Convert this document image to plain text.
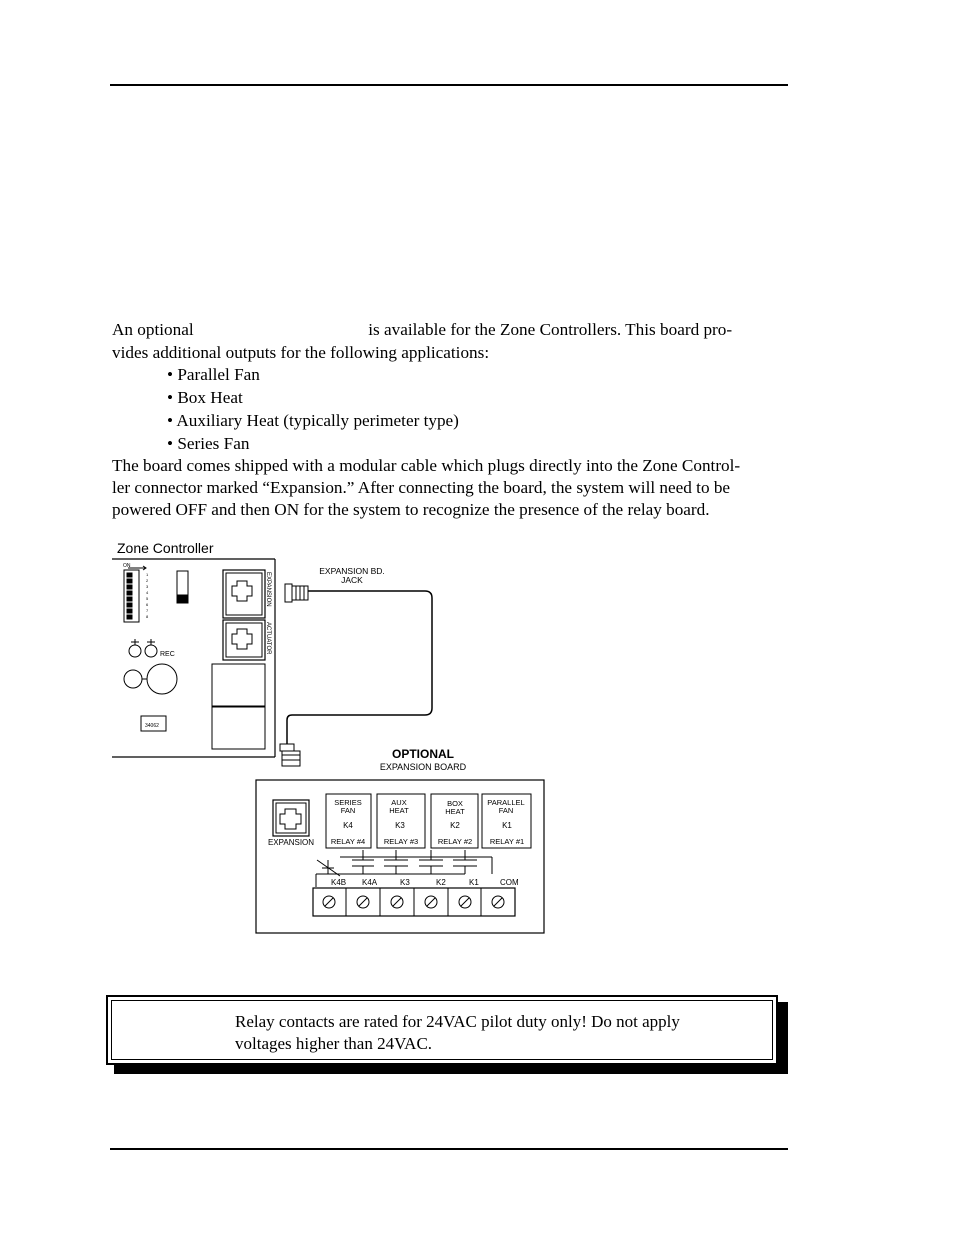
An optional	is available for the Zone Controllers. This board pro-

vides additional outputs for the following applications:

• Parallel Fan
• Box Heat
• Auxiliary Heat (typically perimeter type)
• Series Fan

The board comes shipped with a modular cable which plugs directly into the Zone Control-

ler connector marked “Expansion.” After connecting the board, the system will need to be

powered OFF and then ON for the system to recognize the presence of the relay board.

Zone Controller
ON
1
2
3
4
5
6
7
8
EXPANSION
ACTUATOR
REC
34062
EXPANSION BD.
JACK
OPTIONAL
EXPANSION BOARD
EXPANSION
SERIES
FAN
K4
RELAY #4
AUX
HEAT
K3
RELAY #3
BOX
HEAT
K2
RELAY #2
PARALLEL
FAN
K1
RELAY #1
K4B K4A	K3	K2	K1	COM

Relay contacts are rated for 24VAC pilot duty only! Do not apply
voltages higher than 24VAC.
